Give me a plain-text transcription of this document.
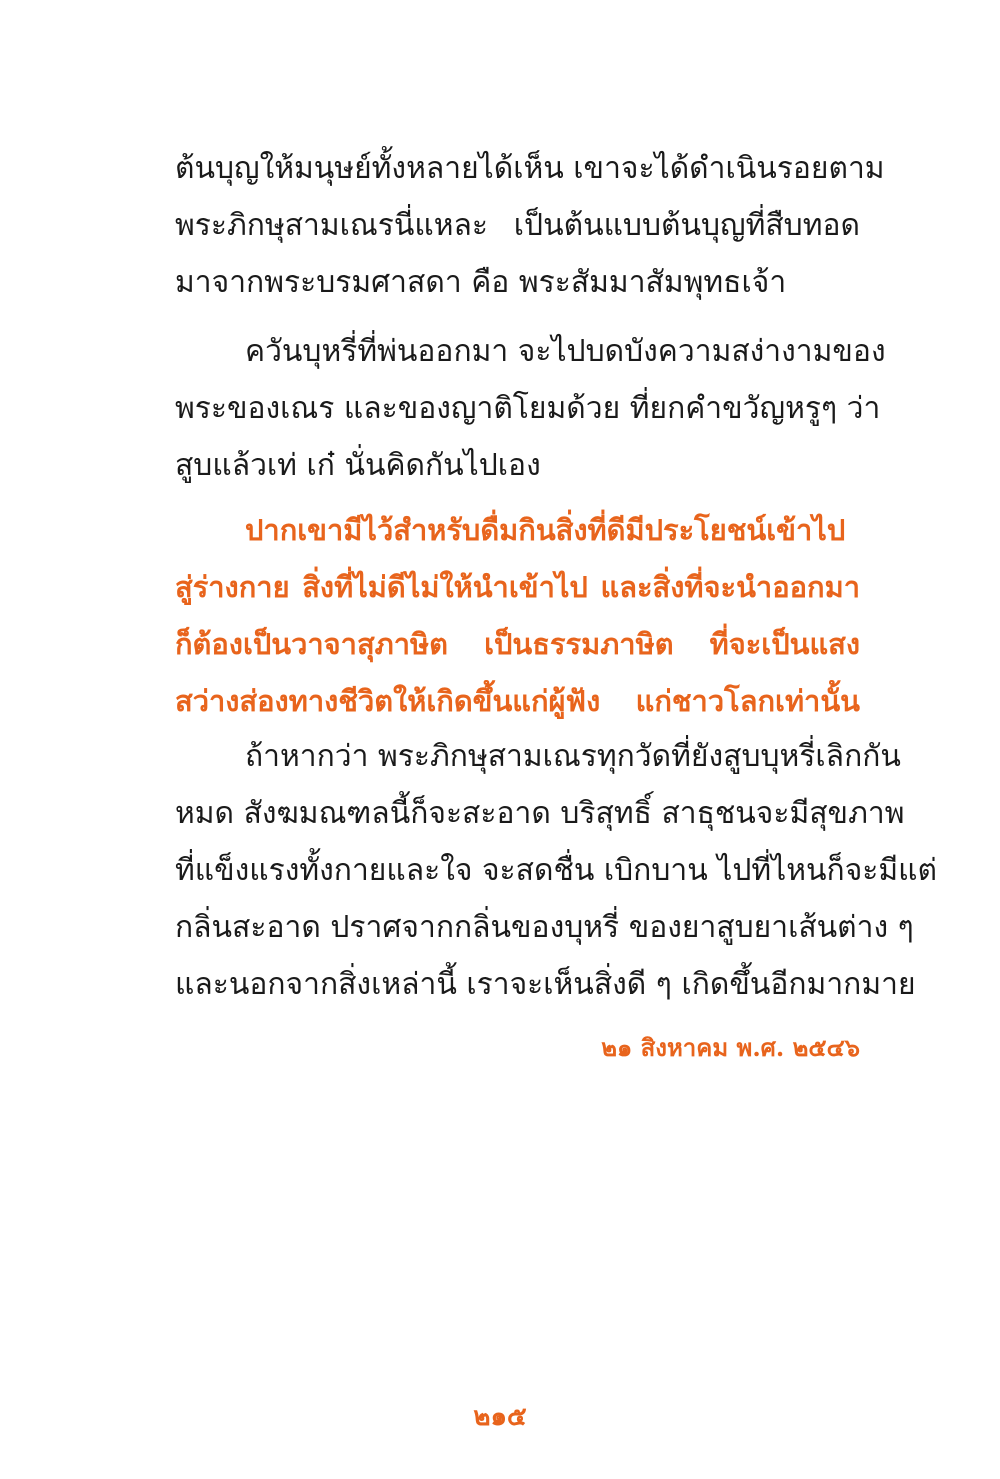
ต้นบุญให้มนุษย์ทั้งหลายได้เห็น เขาจะได้ดำเนินรอยตาม
พระภิกษุสามเณรนี่แหละ เป็นต้นแบบต้นบุญที่สืบทอด
มาจากพระบรมศาสดา คือ พระสัมมาสัมพุทธเจ้า
ควันบุหรี่ที่พ่นออกมา จะไปบดบังความสง่างามของ
พระของเณร และของญาติโยมด้วย ที่ยกคำขวัญหรูๆ ว่า
สูบแล้วเท่ เก๋ นั่นคิดกันไปเอง
ปากเขามีไว้สำหรับดื่มกินสิ่งที่ดีมีประโยชน์เข้าไป
สู่ร่างกาย สิ่งที่ไม่ดีไม่ให้นำเข้าไป และสิ่งที่จะนำออกมา
ก็ต้องเป็นวาจาสุภาษิต เป็นธรรมภาษิต ที่จะเป็นแสง
สว่างส่องทางชีวิตให้เกิดขึ้นแก่ผู้ฟัง แก่ชาวโลกเท่านั้น
ถ้าหากว่า พระภิกษุสามเณรทุกวัดที่ยังสูบบุหรี่เลิกกัน
หมด สังฆมณฑลนี้ก็จะสะอาด บริสุทธิ์ สาธุชนจะมีสุขภาพ
ที่แข็งแรงทั้งกายและใจ จะสดชื่น เบิกบาน ไปที่ไหนก็จะมีแต่
กลิ่นสะอาด ปราศจากกลิ่นของบุหรี่ ของยาสูบยาเส้นต่าง ๆ
และนอกจากสิ่งเหล่านี้ เราจะเห็นสิ่งดี ๆ เกิดขึ้นอีกมากมาย
๒๑ สิงหาคม พ.ศ. ๒๕๔๖
๒๑๕
